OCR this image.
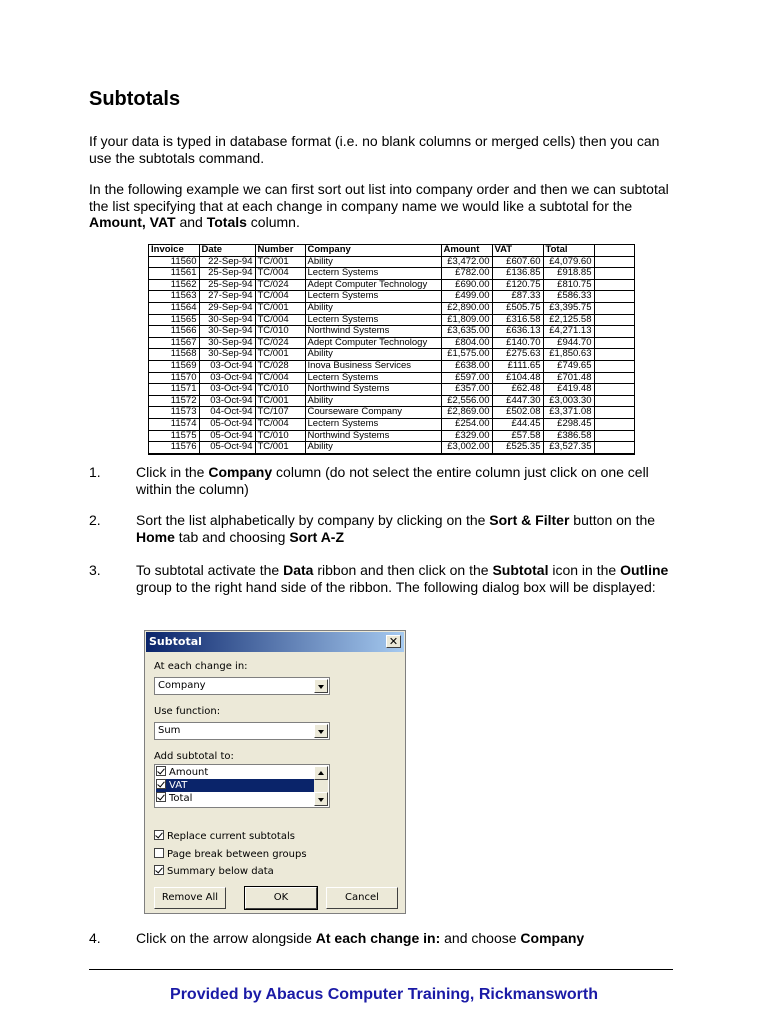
Subtotals

If your data is typed in database format (i.e. no blank columns or merged cells) then you can use the subtotals command.

In the following example we can first sort out list into company order and then we can subtotal the list specifying that at each change in company name we would like a subtotal for the Amount, VAT and Totals column.

Invoice	Date	Number	Company	Amount	VAT	Total	
11560	22-Sep-94	TC/001	Ability	£3,472.00	£607.60	£4,079.60	
11561	25-Sep-94	TC/004	Lectern Systems	£782.00	£136.85	£918.85	
11562	25-Sep-94	TC/024	Adept Computer Technology	£690.00	£120.75	£810.75	
11563	27-Sep-94	TC/004	Lectern Systems	£499.00	£87.33	£586.33	
11564	29-Sep-94	TC/001	Ability	£2,890.00	£505.75	£3,395.75	
11565	30-Sep-94	TC/004	Lectern Systems	£1,809.00	£316.58	£2,125.58	
11566	30-Sep-94	TC/010	Northwind Systems	£3,635.00	£636.13	£4,271.13	
11567	30-Sep-94	TC/024	Adept Computer Technology	£804.00	£140.70	£944.70	
11568	30-Sep-94	TC/001	Ability	£1,575.00	£275.63	£1,850.63	
11569	03-Oct-94	TC/028	Inova Business Services	£638.00	£111.65	£749.65	
11570	03-Oct-94	TC/004	Lectern Systems	£597.00	£104.48	£701.48	
11571	03-Oct-94	TC/010	Northwind Systems	£357.00	£62.48	£419.48	
11572	03-Oct-94	TC/001	Ability	£2,556.00	£447.30	£3,003.30	
11573	04-Oct-94	TC/107	Courseware Company	£2,869.00	£502.08	£3,371.08	
11574	05-Oct-94	TC/004	Lectern Systems	£254.00	£44.45	£298.45	
11575	05-Oct-94	TC/010	Northwind Systems	£329.00	£57.58	£386.58	
11576	05-Oct-94	TC/001	Ability	£3,002.00	£525.35	£3,527.35	
1.	Click in the Company column (do not select the entire column just click on one cell within the column)
2.	Sort the list alphabetically by company by clicking on the Sort & Filter button on the Home tab and choosing Sort A-Z
3.	To subtotal activate the Data ribbon and then click on the Subtotal icon in the Outline group to the right hand side of the ribbon. The following dialog box will be displayed:
Subtotal	✕
At each change in:
Company
Use function:
Sum
Add subtotal to:
Amount
VAT
Total
Replace current subtotals
Page break between groups
Summary below data
Remove All	OK	Cancel
4.	Click on the arrow alongside At each change in: and choose Company
Provided by Abacus Computer Training, Rickmansworth
